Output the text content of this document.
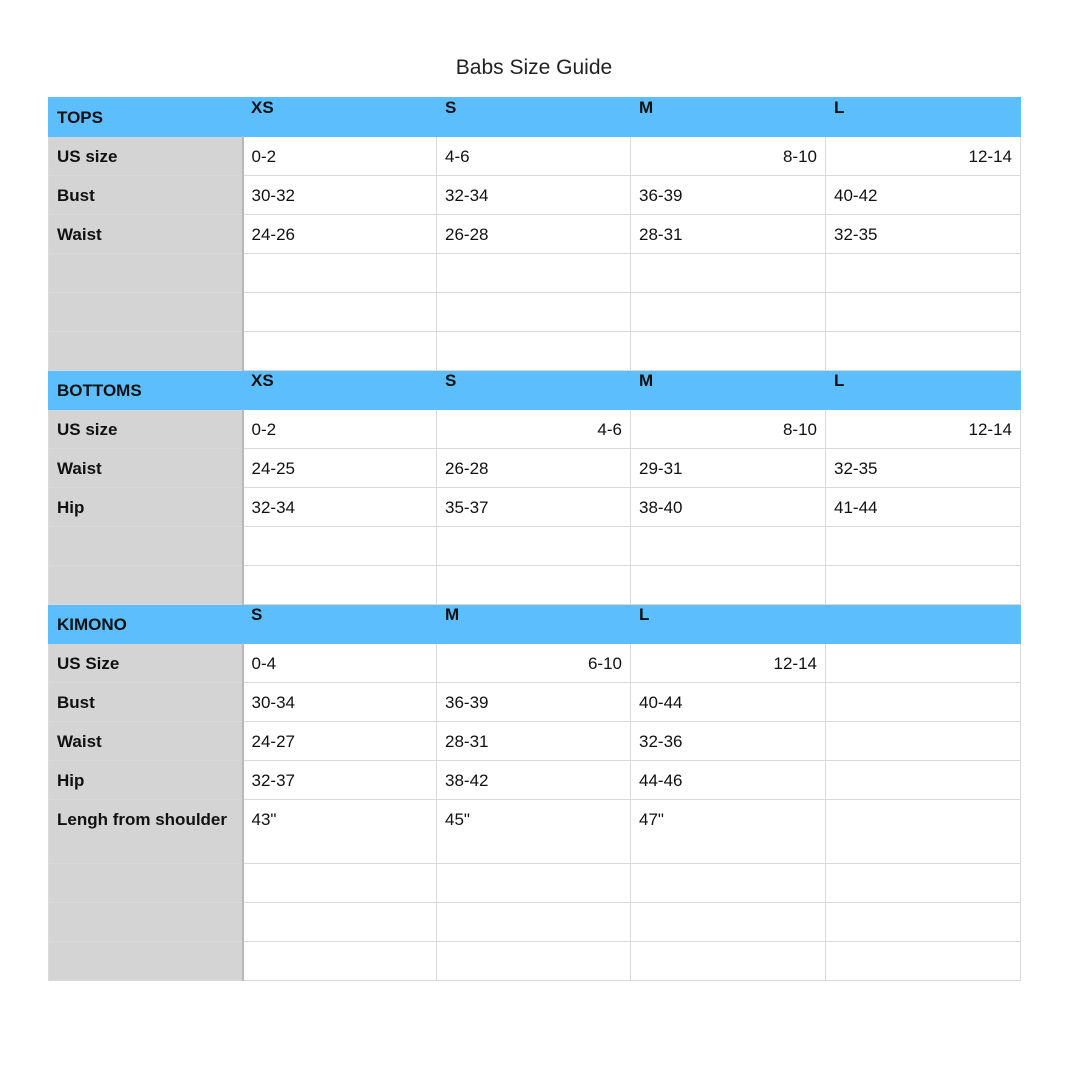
Babs Size Guide
TOPS	XS	S	M	L
US size	0-2	4-6	8-10	12-14
Bust	30-32	32-34	36-39	40-42
Waist	24-26	26-28	28-31	32-35

BOTTOMS	XS	S	M	L
US size	0-2	4-6	8-10	12-14
Waist	24-25	26-28	29-31	32-35
Hip	32-34	35-37	38-40	41-44

KIMONO	S	M	L	
US Size	0-4	6-10	12-14	
Bust	30-34	36-39	40-44	
Waist	24-27	28-31	32-36	
Hip	32-37	38-42	44-46	
Lengh from shoulder	43"	45"	47"	
